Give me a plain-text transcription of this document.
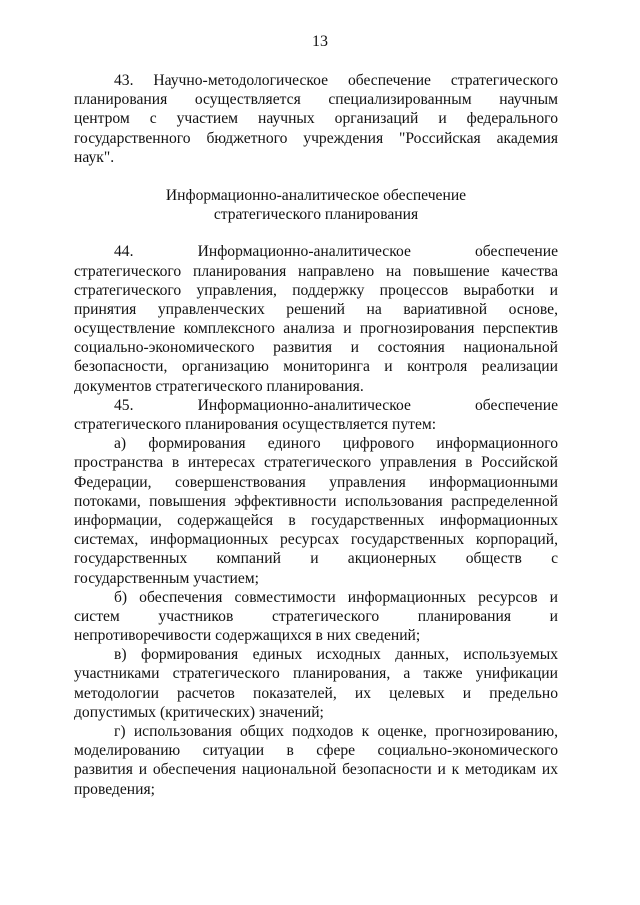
13
43. Научно-методологическое обеспечение стратегического
планирования осуществляется специализированным научным
центром с участием научных организаций и федерального
государственного бюджетного учреждения "Российская академия
наук".
Информационно-аналитическое обеспечение
стратегического планирования
44. Информационно-аналитическое обеспечение
стратегического планирования направлено на повышение качества
стратегического управления, поддержку процессов выработки и
принятия управленческих решений на вариативной основе,
осуществление комплексного анализа и прогнозирования перспектив
социально-экономического развития и состояния национальной
безопасности, организацию мониторинга и контроля реализации
документов стратегического планирования.
45. Информационно-аналитическое обеспечение
стратегического планирования осуществляется путем:
а) формирования единого цифрового информационного
пространства в интересах стратегического управления в Российской
Федерации, совершенствования управления информационными
потоками, повышения эффективности использования распределенной
информации, содержащейся в государственных информационных
системах, информационных ресурсах государственных корпораций,
государственных компаний и акционерных обществ с
государственным участием;
б) обеспечения совместимости информационных ресурсов и
систем участников стратегического планирования и
непротиворечивости содержащихся в них сведений;
в) формирования единых исходных данных, используемых
участниками стратегического планирования, а также унификации
методологии расчетов показателей, их целевых и предельно
допустимых (критических) значений;
г) использования общих подходов к оценке, прогнозированию,
моделированию ситуации в сфере социально-экономического
развития и обеспечения национальной безопасности и к методикам их
проведения;
